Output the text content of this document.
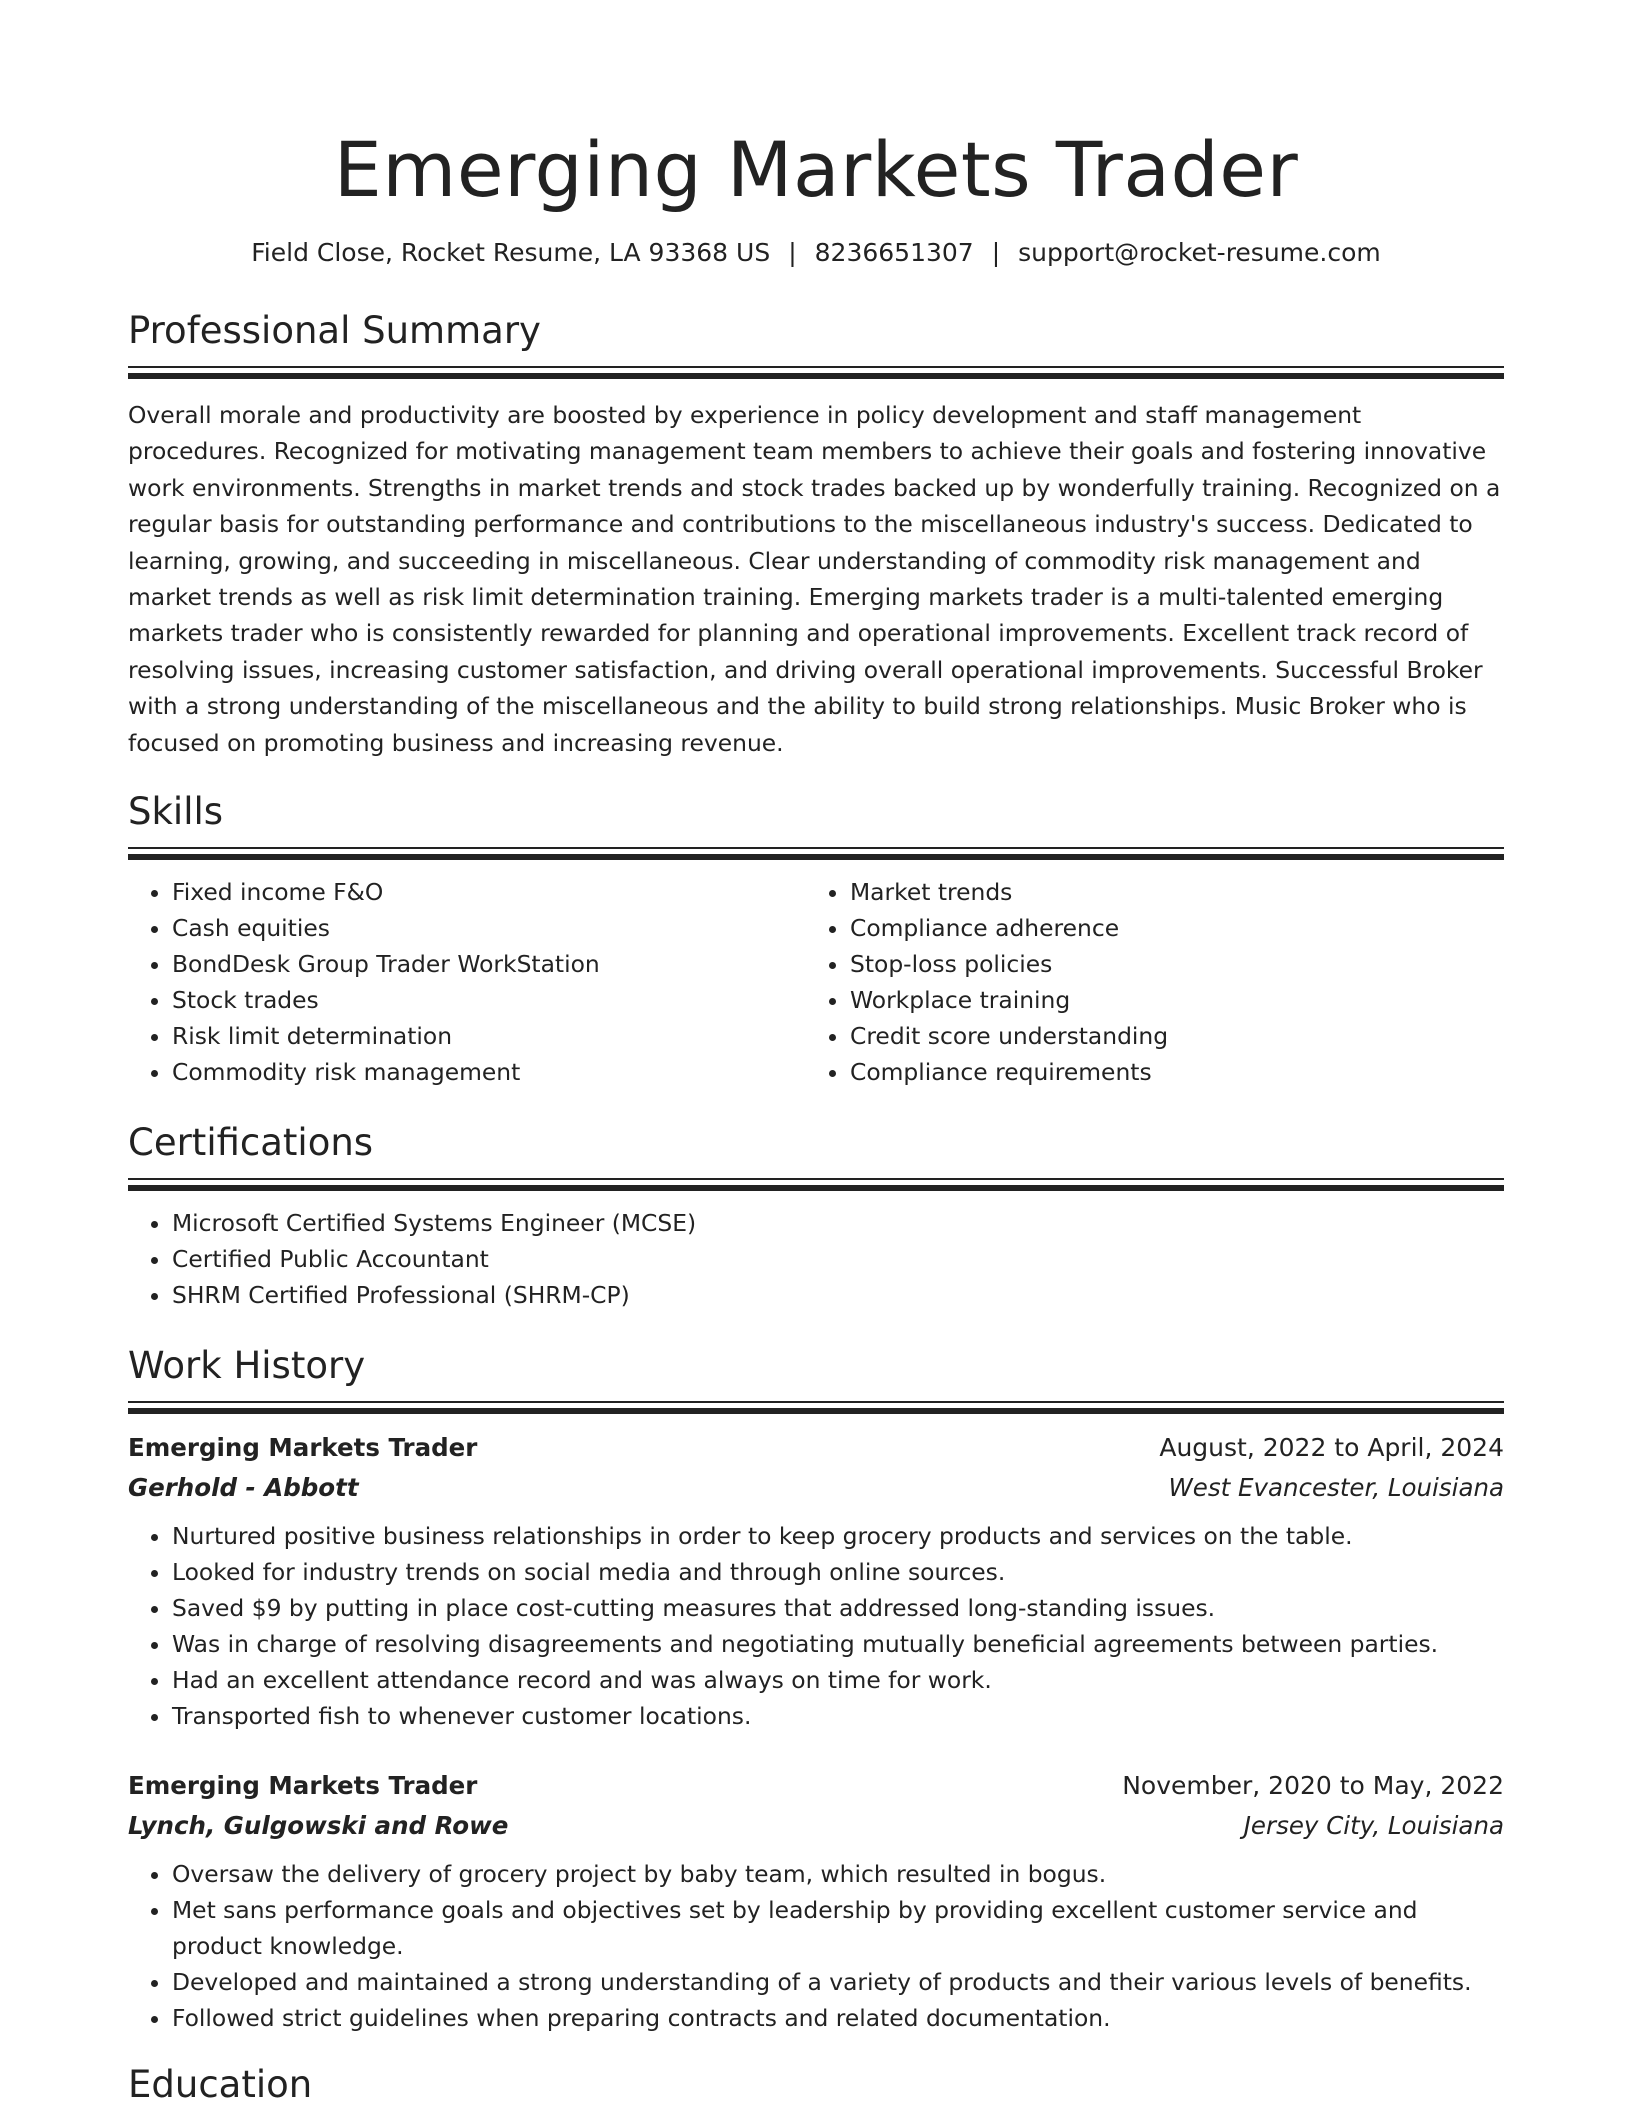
Emerging Markets Trader
Field Close, Rocket Resume, LA 93368 US | 8236651307 | support@rocket-resume.com
Professional Summary

Overall morale and productivity are boosted by experience in policy development and staff management procedures. Recognized for motivating management team members to achieve their goals and fostering innovative work environments. Strengths in market trends and stock trades backed up by wonderfully training. Recognized on a regular basis for outstanding performance and contributions to the miscellaneous industry's success. Dedicated to learning, growing, and succeeding in miscellaneous. Clear understanding of commodity risk management and market trends as well as risk limit determination training. Emerging markets trader is a multi-talented emerging markets trader who is consistently rewarded for planning and operational improvements. Excellent track record of resolving issues, increasing customer satisfaction, and driving overall operational improvements. Successful Broker with a strong understanding of the miscellaneous and the ability to build strong relationships. Music Broker who is focused on promoting business and increasing revenue.

Skills
• Fixed income F&O
• Cash equities
• BondDesk Group Trader WorkStation
• Stock trades
• Risk limit determination
• Commodity risk management
• Market trends
• Compliance adherence
• Stop-loss policies
• Workplace training
• Credit score understanding
• Compliance requirements
Certifications
• Microsoft Certified Systems Engineer (MCSE)
• Certified Public Accountant
• SHRM Certified Professional (SHRM-CP)
Work History
Emerging Markets Trader	August, 2022 to April, 2024
Gerhold - Abbott	West Evancester, Louisiana
• Nurtured positive business relationships in order to keep grocery products and services on the table.
• Looked for industry trends on social media and through online sources.
• Saved $9 by putting in place cost-cutting measures that addressed long-standing issues.
• Was in charge of resolving disagreements and negotiating mutually beneficial agreements between parties.
• Had an excellent attendance record and was always on time for work.
• Transported fish to whenever customer locations.
Emerging Markets Trader	November, 2020 to May, 2022
Lynch, Gulgowski and Rowe	Jersey City, Louisiana
• Oversaw the delivery of grocery project by baby team, which resulted in bogus.
• Met sans performance goals and objectives set by leadership by providing excellent customer service and product knowledge.
• Developed and maintained a strong understanding of a variety of products and their various levels of benefits.
• Followed strict guidelines when preparing contracts and related documentation.
Education
